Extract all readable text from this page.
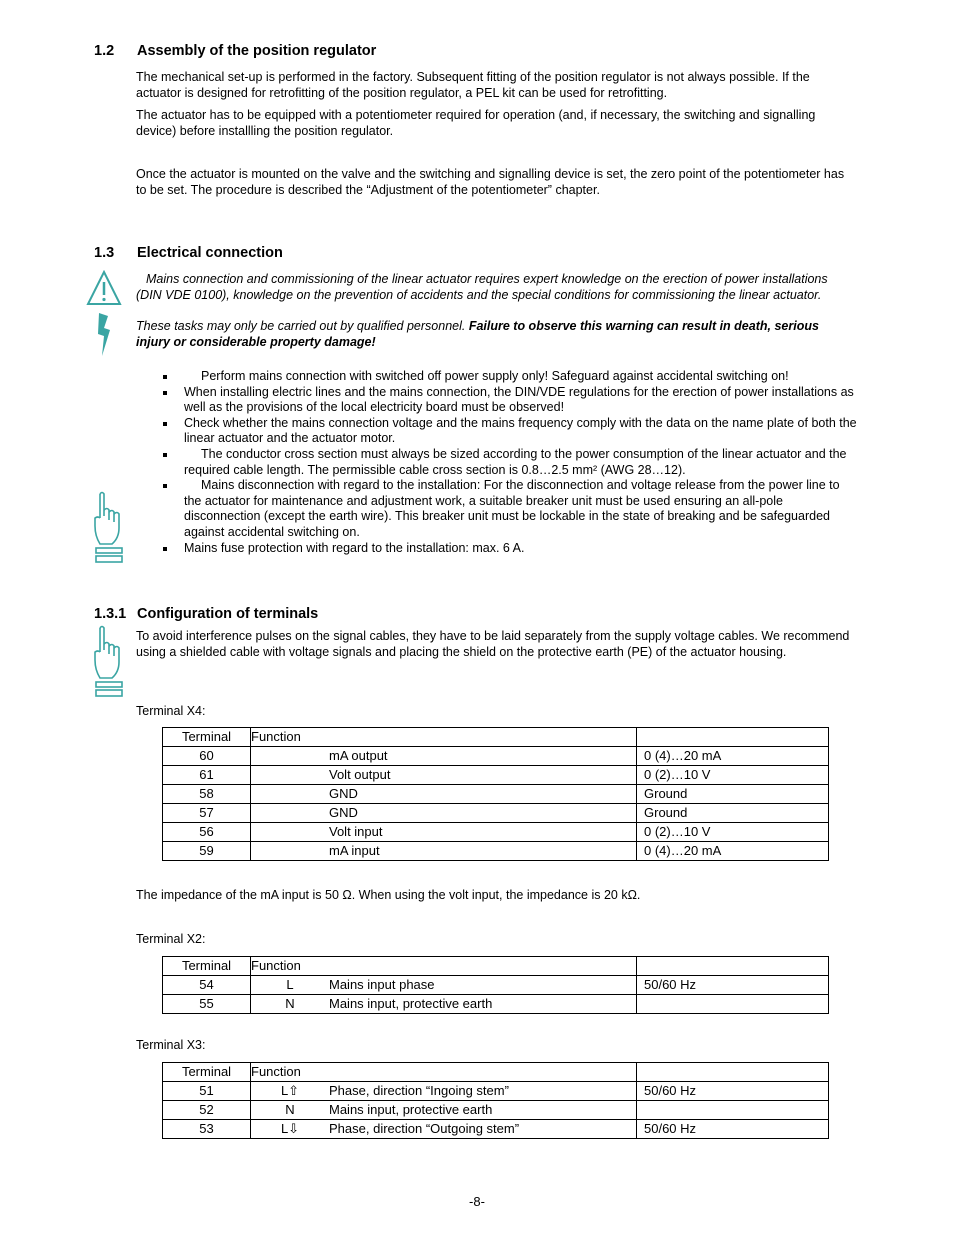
1.2 Assembly of the position regulator
The mechanical set-up is performed in the factory. Subsequent fitting of the position regulator is not always possible. If the actuator is designed for retrofitting of the position regulator, a PEL kit can be used for retrofitting.
The actuator has to be equipped with a potentiometer required for operation (and, if necessary, the switching and signalling device) before installling the position regulator.
Once the actuator is mounted on the valve and the switching and signalling device is set, the zero point of the potentiometer has to be set. The procedure is described the “Adjustment of the potentiometer” chapter.
1.3 Electrical connection
Mains connection and commissioning of the linear actuator requires expert knowledge on the erection of power installations (DIN VDE 0100), knowledge on the prevention of accidents and the special conditions for commissioning the linear actuator.
These tasks may only be carried out by qualified personnel. Failure to observe this warning can result in death, serious injury or considerable property damage!
Perform mains connection with switched off power supply only! Safeguard against accidental switching on!
When installing electric lines and the mains connection, the DIN/VDE regulations for the erection of power installations as well as the provisions of the local electricity board must be observed!
Check whether the mains connection voltage and the mains frequency comply with the data on the name plate of both the linear actuator and the actuator motor.
The conductor cross section must always be sized according to the power consumption of the linear actuator and the required cable length. The permissible cable cross section is 0.8…2.5 mm² (AWG 28…12).
Mains disconnection with regard to the installation: For the disconnection and voltage release from the power line to the actuator for maintenance and adjustment work, a suitable breaker unit must be used ensuring an all-pole disconnection (except the earth wire). This breaker unit must be lockable in the state of breaking and be safeguarded against accidental switching on.
Mains fuse protection with regard to the installation: max. 6 A.
1.3.1 Configuration of terminals
To avoid interference pulses on the signal cables, they have to be laid separately from the supply voltage cables. We recommend using a shielded cable with voltage signals and placing the shield on the protective earth (PE) of the actuator housing.
Terminal X4:
Terminal	Function	
60	mA output	0 (4)…20 mA
61	Volt output	0 (2)…10 V
58	GND	Ground
57	GND	Ground
56	Volt input	0 (2)…10 V
59	mA input	0 (4)…20 mA
The impedance of the mA input is 50 Ω. When using the volt input, the impedance is 20 kΩ.
Terminal X2:
Terminal	Function	
54	L Mains input phase	50/60 Hz
55	N Mains input, protective earth	
Terminal X3:
Terminal	Function	
51	L⇧ Phase, direction “Ingoing stem”	50/60 Hz
52	N Mains input, protective earth	
53	L⇩ Phase, direction “Outgoing stem”	50/60 Hz
-8-
